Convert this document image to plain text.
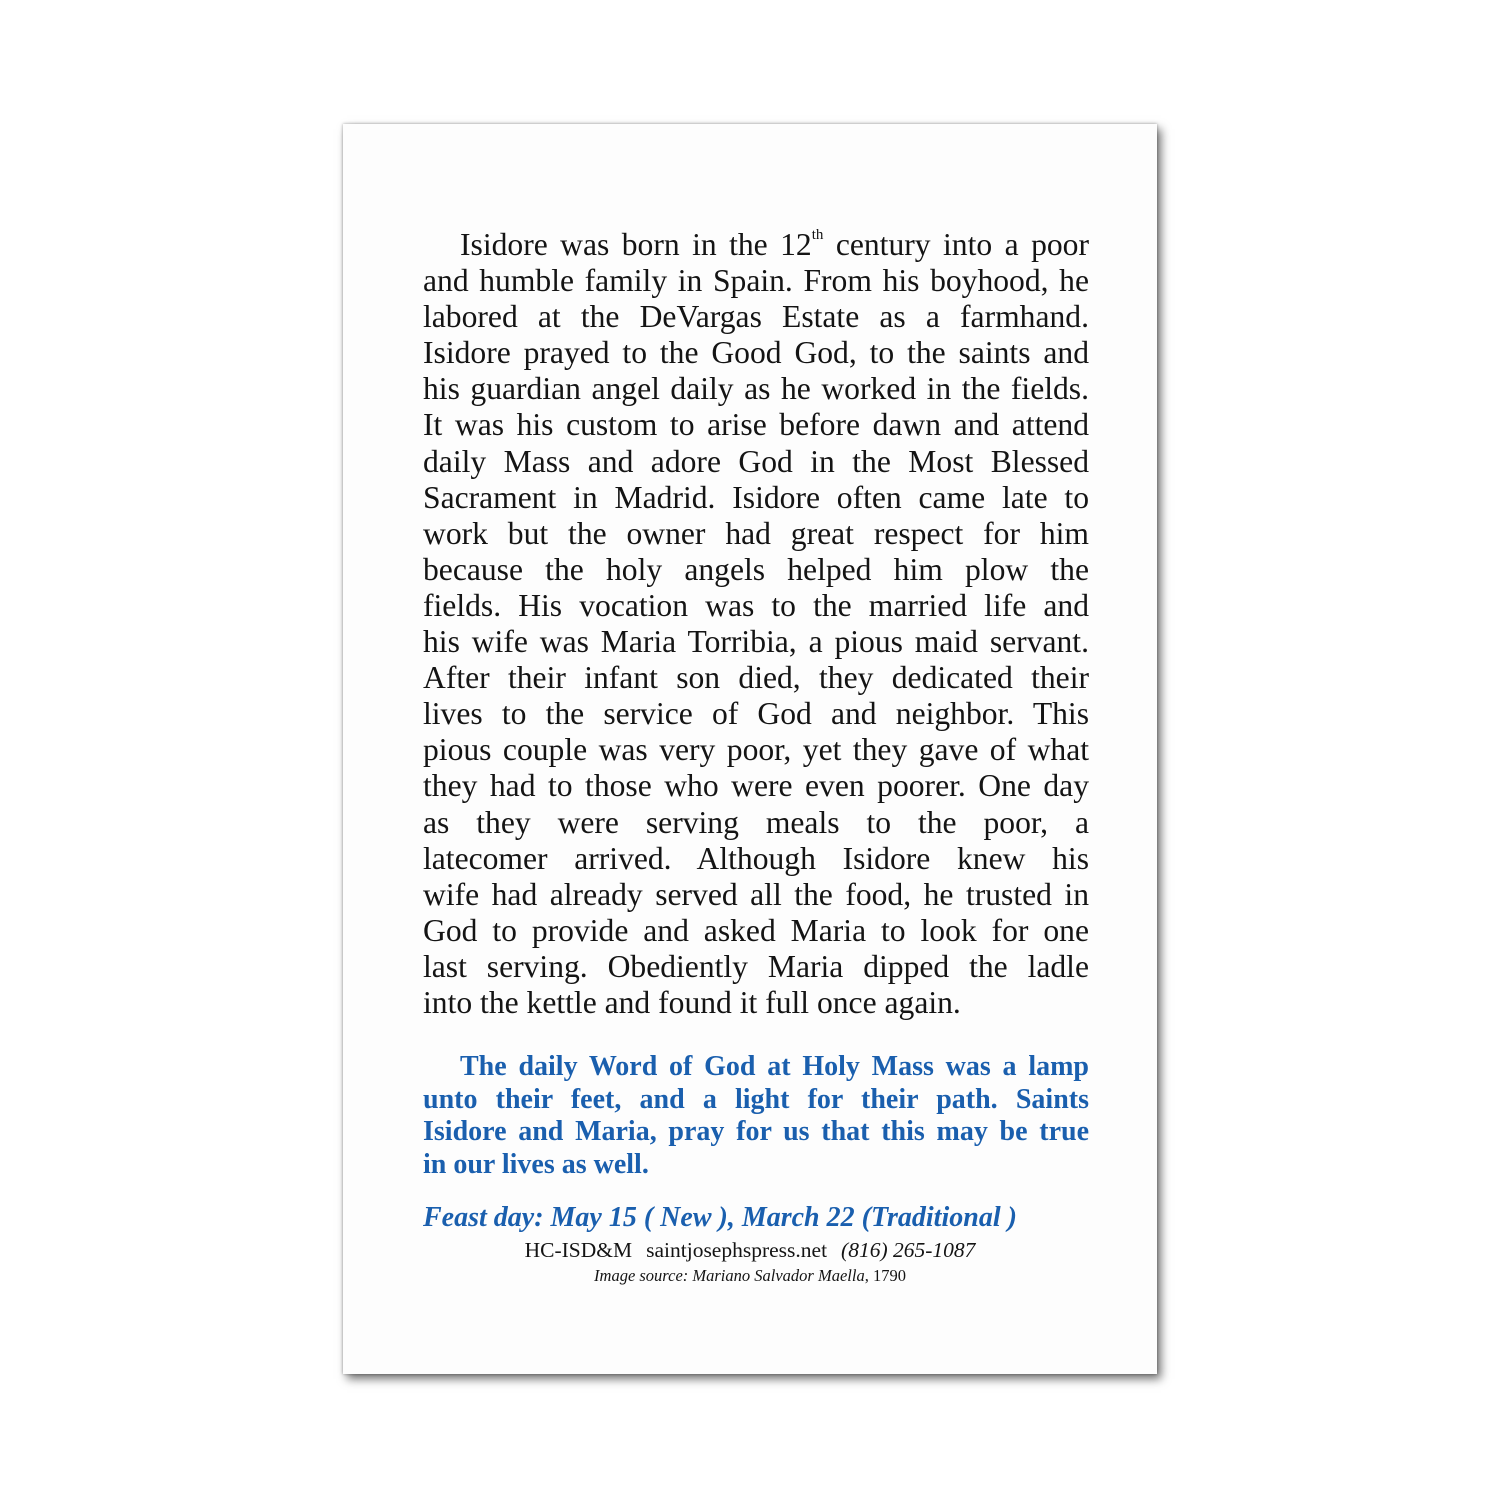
Isidore was born in the 12th century into a poor
and humble family in Spain. From his boyhood, he
labored at the DeVargas Estate as a farmhand.
Isidore prayed to the Good God, to the saints and
his guardian angel daily as he worked in the fields.
It was his custom to arise before dawn and attend
daily Mass and adore God in the Most Blessed
Sacrament in Madrid. Isidore often came late to
work but the owner had great respect for him
because the holy angels helped him plow the
fields. His vocation was to the married life and
his wife was Maria Torribia, a pious maid servant.
After their infant son died, they dedicated their
lives to the service of God and neighbor. This
pious couple was very poor, yet they gave of what
they had to those who were even poorer. One day
as they were serving meals to the poor, a
latecomer arrived. Although Isidore knew his
wife had already served all the food, he trusted in
God to provide and asked Maria to look for one
last serving. Obediently Maria dipped the ladle
into the kettle and found it full once again.
The daily Word of God at Holy Mass was a lamp
unto their feet, and a light for their path. Saints
Isidore and Maria, pray for us that this may be true
in our lives as well.
Feast day: May 15 ( New ), March 22 (Traditional )
HC-ISD&M saintjosephspress.net (816) 265-1087
Image source: Mariano Salvador Maella, 1790
